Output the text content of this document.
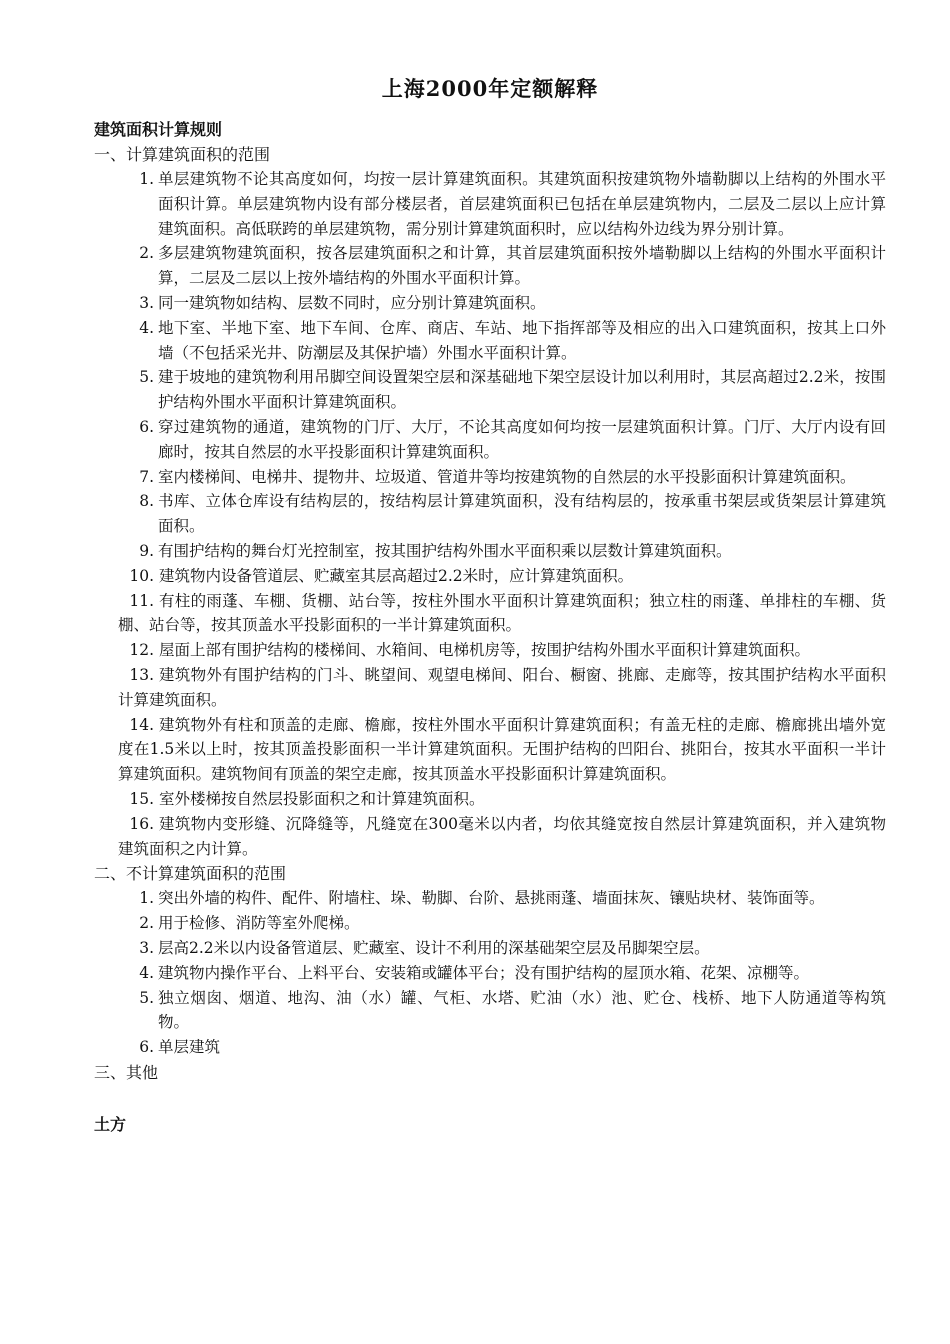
上海2000年定额解释
建筑面积计算规则
一、计算建筑面积的范围
1. 单层建筑物不论其高度如何，均按一层计算建筑面积。其建筑面积按建筑物外墙勒脚以上结构的外围水平面积计算。单层建筑物内设有部分楼层者，首层建筑面积已包括在单层建筑物内，二层及二层以上应计算建筑面积。高低联跨的单层建筑物，需分别计算建筑面积时，应以结构外边线为界分别计算。
2. 多层建筑物建筑面积，按各层建筑面积之和计算，其首层建筑面积按外墙勒脚以上结构的外围水平面积计算，二层及二层以上按外墙结构的外围水平面积计算。
3. 同一建筑物如结构、层数不同时，应分别计算建筑面积。
4. 地下室、半地下室、地下车间、仓库、商店、车站、地下指挥部等及相应的出入口建筑面积，按其上口外墙（不包括采光井、防潮层及其保护墙）外围水平面积计算。
5. 建于坡地的建筑物利用吊脚空间设置架空层和深基础地下架空层设计加以利用时，其层高超过2.2米，按围护结构外围水平面积计算建筑面积。
6. 穿过建筑物的通道，建筑物的门厅、大厅，不论其高度如何均按一层建筑面积计算。门厅、大厅内设有回廊时，按其自然层的水平投影面积计算建筑面积。
7. 室内楼梯间、电梯井、提物井、垃圾道、管道井等均按建筑物的自然层的水平投影面积计算建筑面积。
8. 书库、立体仓库设有结构层的，按结构层计算建筑面积，没有结构层的，按承重书架层或货架层计算建筑面积。
9. 有围护结构的舞台灯光控制室，按其围护结构外围水平面积乘以层数计算建筑面积。
10. 建筑物内设备管道层、贮藏室其层高超过2.2米时，应计算建筑面积。
11. 有柱的雨蓬、车棚、货棚、站台等，按柱外围水平面积计算建筑面积；独立柱的雨蓬、单排柱的车棚、货棚、站台等，按其顶盖水平投影面积的一半计算建筑面积。
12. 屋面上部有围护结构的楼梯间、水箱间、电梯机房等，按围护结构外围水平面积计算建筑面积。
13. 建筑物外有围护结构的门斗、眺望间、观望电梯间、阳台、橱窗、挑廊、走廊等，按其围护结构水平面积计算建筑面积。
14. 建筑物外有柱和顶盖的走廊、檐廊，按柱外围水平面积计算建筑面积；有盖无柱的走廊、檐廊挑出墙外宽度在1.5米以上时，按其顶盖投影面积一半计算建筑面积。无围护结构的凹阳台、挑阳台，按其水平面积一半计算建筑面积。建筑物间有顶盖的架空走廊，按其顶盖水平投影面积计算建筑面积。
15. 室外楼梯按自然层投影面积之和计算建筑面积。
16. 建筑物内变形缝、沉降缝等，凡缝宽在300毫米以内者，均依其缝宽按自然层计算建筑面积，并入建筑物建筑面积之内计算。
二、不计算建筑面积的范围
1. 突出外墙的构件、配件、附墙柱、垛、勒脚、台阶、悬挑雨蓬、墙面抹灰、镶贴块材、装饰面等。
2. 用于检修、消防等室外爬梯。
3. 层高2.2米以内设备管道层、贮藏室、设计不利用的深基础架空层及吊脚架空层。
4. 建筑物内操作平台、上料平台、安装箱或罐体平台；没有围护结构的屋顶水箱、花架、凉棚等。
5. 独立烟囱、烟道、地沟、油（水）罐、气柜、水塔、贮油（水）池、贮仓、栈桥、地下人防通道等构筑物。
6. 单层建筑
三、其他
土方
